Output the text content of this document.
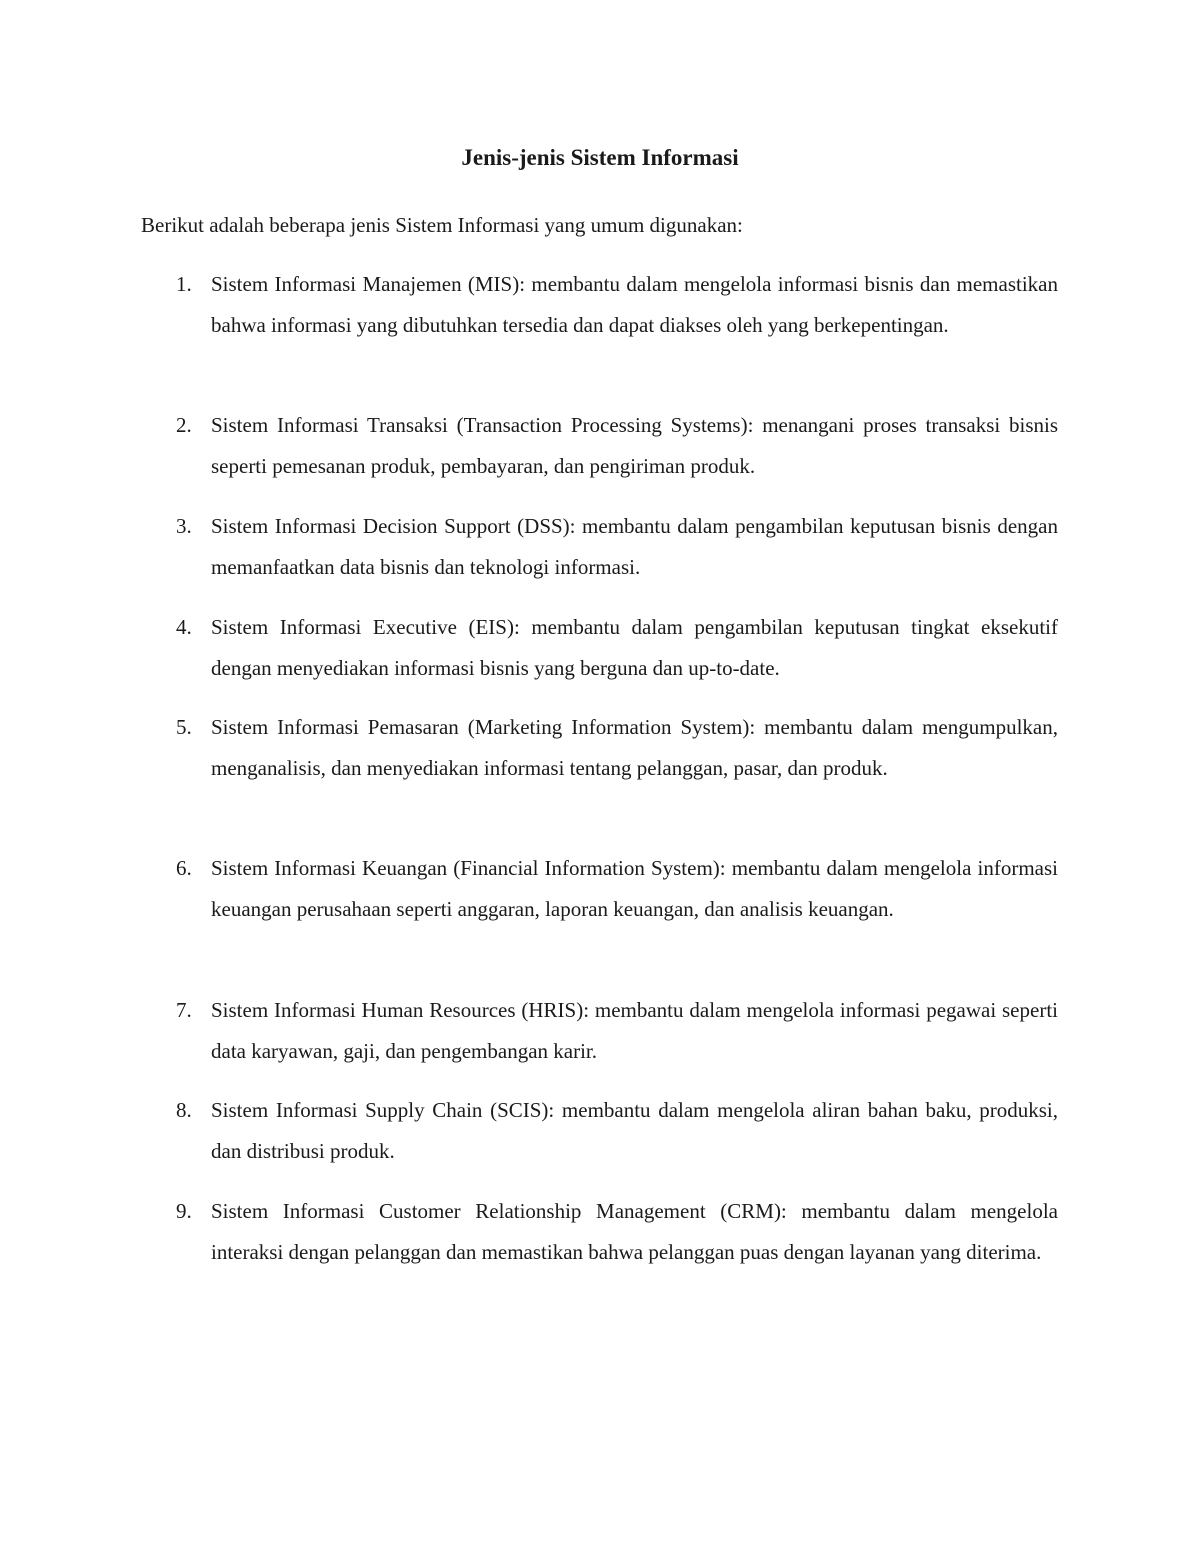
Jenis-jenis Sistem Informasi

Berikut adalah beberapa jenis Sistem Informasi yang umum digunakan:

1. Sistem Informasi Manajemen (MIS): membantu dalam mengelola informasi bisnis dan memastikan bahwa informasi yang dibutuhkan tersedia dan dapat diakses oleh yang berkepentingan.

2. Sistem Informasi Transaksi (Transaction Processing Systems): menangani proses transaksi bisnis seperti pemesanan produk, pembayaran, dan pengiriman produk.

3. Sistem Informasi Decision Support (DSS): membantu dalam pengambilan keputusan bisnis dengan memanfaatkan data bisnis dan teknologi informasi.

4. Sistem Informasi Executive (EIS): membantu dalam pengambilan keputusan tingkat eksekutif dengan menyediakan informasi bisnis yang berguna dan up-to-date.

5. Sistem Informasi Pemasaran (Marketing Information System): membantu dalam mengumpulkan, menganalisis, dan menyediakan informasi tentang pelanggan, pasar, dan produk.

6. Sistem Informasi Keuangan (Financial Information System): membantu dalam mengelola informasi keuangan perusahaan seperti anggaran, laporan keuangan, dan analisis keuangan.

7. Sistem Informasi Human Resources (HRIS): membantu dalam mengelola informasi pegawai seperti data karyawan, gaji, dan pengembangan karir.

8. Sistem Informasi Supply Chain (SCIS): membantu dalam mengelola aliran bahan baku, produksi, dan distribusi produk.

9. Sistem Informasi Customer Relationship Management (CRM): membantu dalam mengelola interaksi dengan pelanggan dan memastikan bahwa pelanggan puas dengan layanan yang diterima.
